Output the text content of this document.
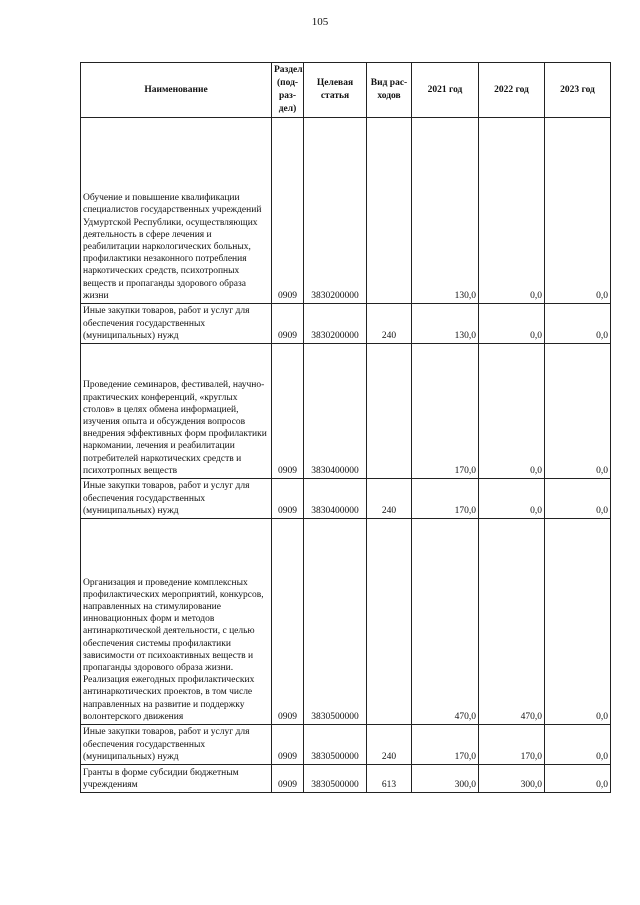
105
Наименование	Раздел (под-раз-дел)	Целевая статья	Вид рас-ходов	2021 год	2022 год	2023 год
Обучение и повышение квалификации специалистов государственных учреждений Удмуртской Республики, осуществляющих деятельность в сфере лечения и реабилитации наркологических больных, профилактики незаконного потребления наркотических средств, психотропных веществ и пропаганды здорового образа жизни	0909	3830200000		130,0	0,0	0,0
Иные закупки товаров, работ и услуг для обеспечения государственных (муниципальных) нужд	0909	3830200000	240	130,0	0,0	0,0
Проведение семинаров, фестивалей, научно-практических конференций, «круглых столов» в целях обмена информацией, изучения опыта и обсуждения вопросов внедрения эффективных форм профилактики наркомании, лечения и реабилитации потребителей наркотических средств и психотропных веществ	0909	3830400000		170,0	0,0	0,0
Иные закупки товаров, работ и услуг для обеспечения государственных (муниципальных) нужд	0909	3830400000	240	170,0	0,0	0,0
Организация и проведение комплексных профилактических мероприятий, конкурсов, направленных на стимулирование инновационных форм и методов антинаркотической деятельности, с целью обеспечения системы профилактики зависимости от психоактивных веществ и пропаганды здорового образа жизни. Реализация ежегодных профилактических антинаркотических проектов, в том числе направленных на развитие и поддержку волонтерского движения	0909	3830500000		470,0	470,0	0,0
Иные закупки товаров, работ и услуг для обеспечения государственных (муниципальных) нужд	0909	3830500000	240	170,0	170,0	0,0
Гранты в форме субсидии бюджетным учреждениям	0909	3830500000	613	300,0	300,0	0,0
